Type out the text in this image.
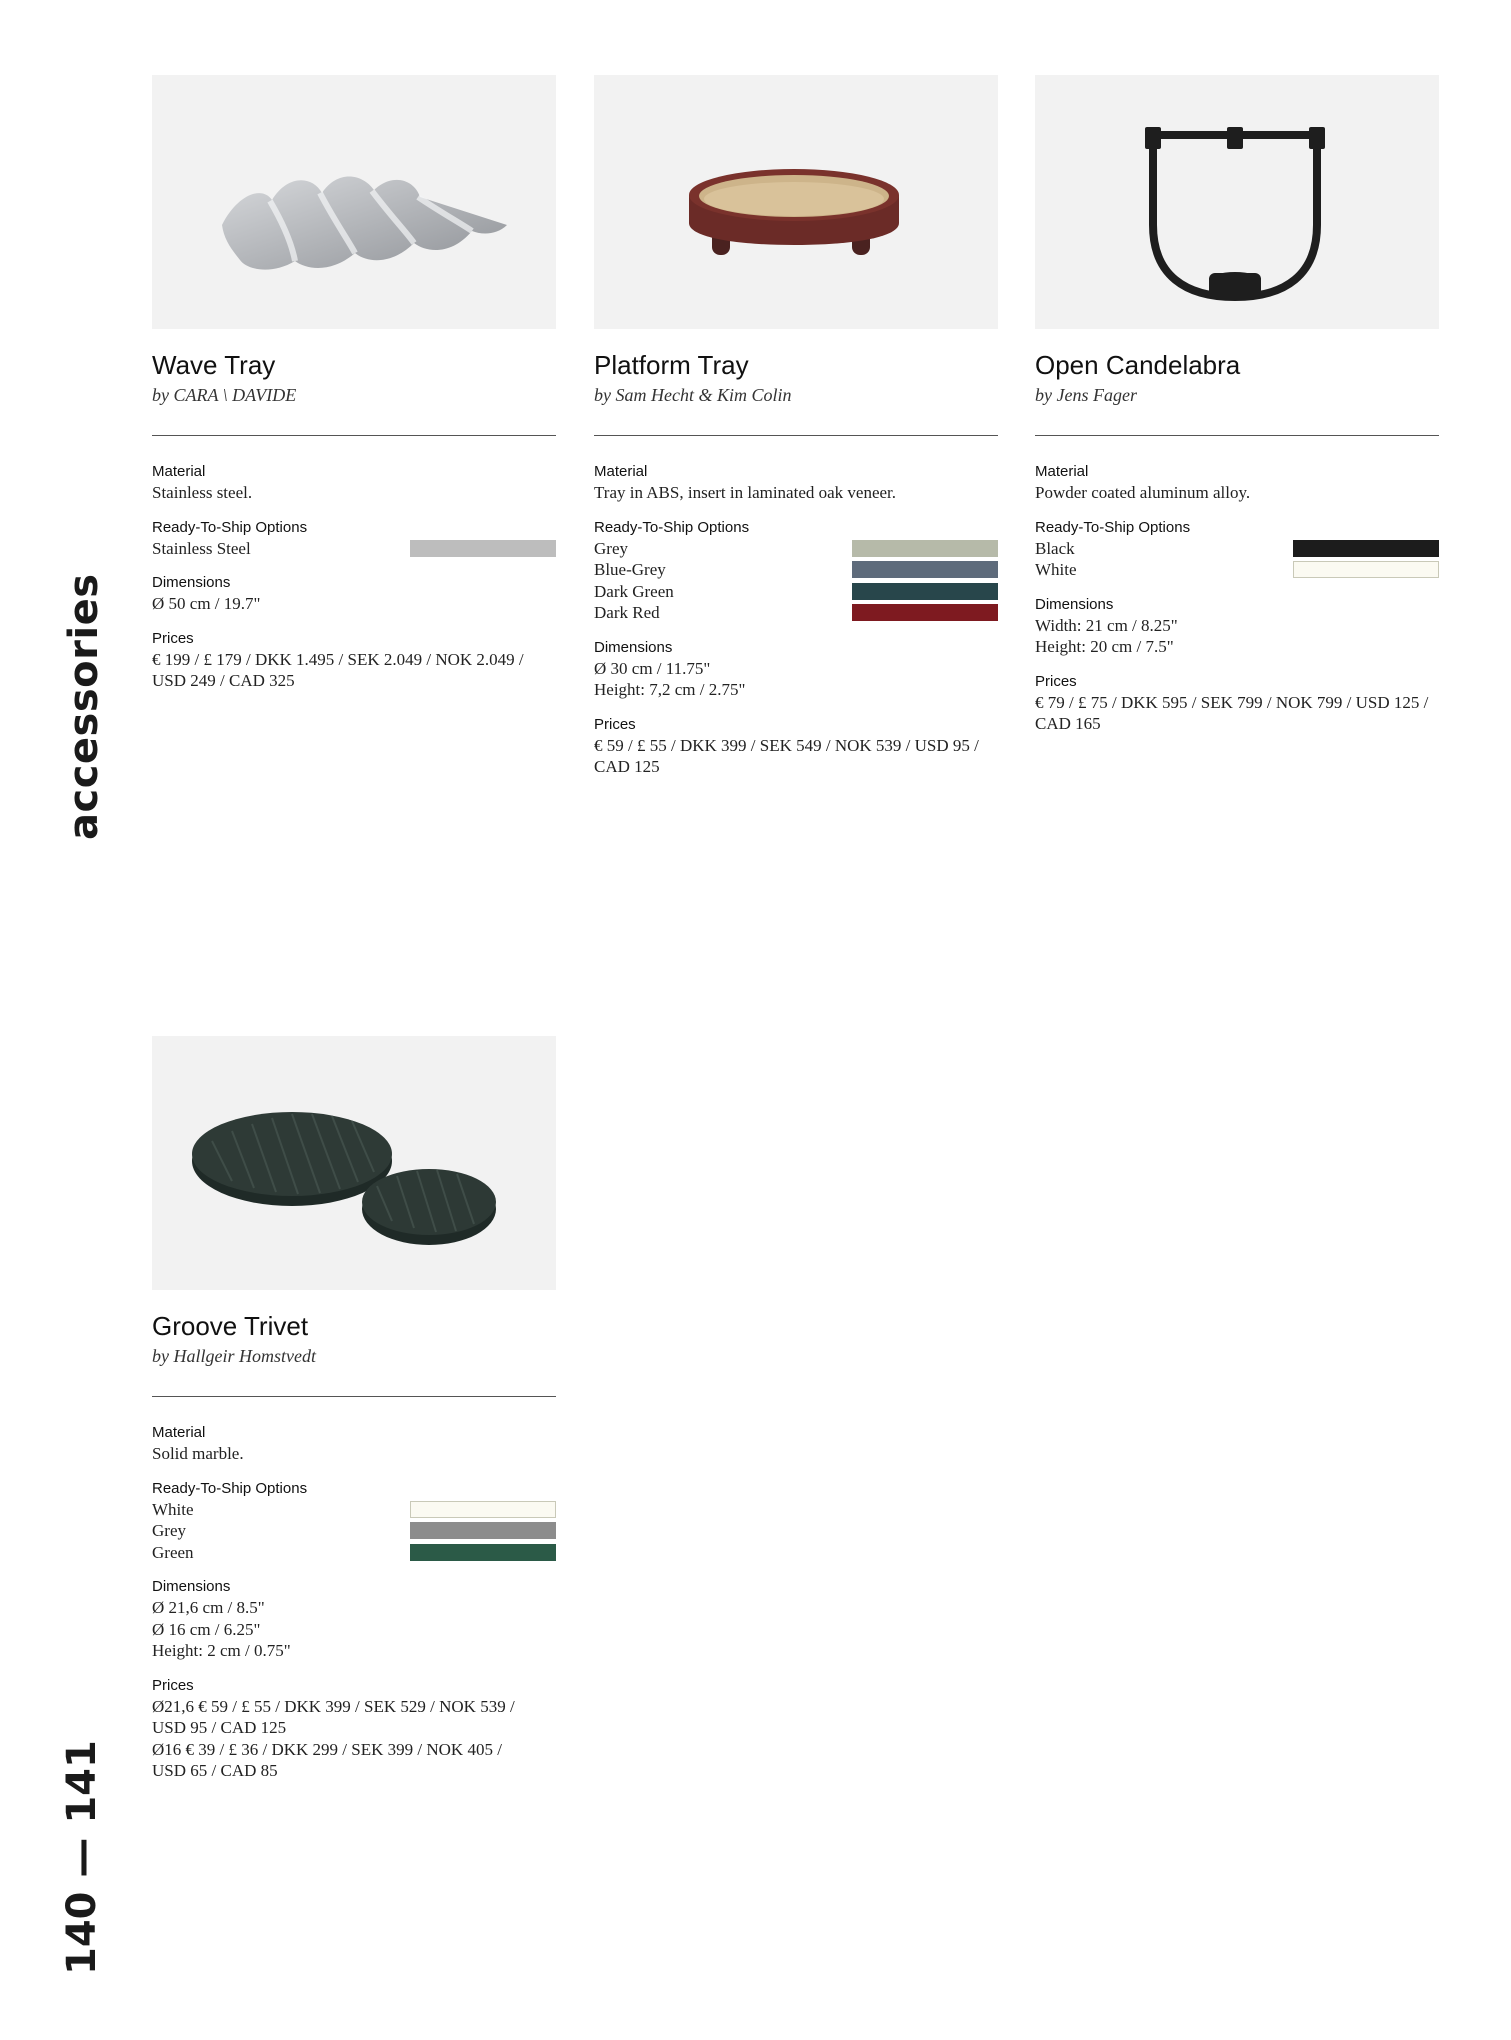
accessories
140 — 141
Wave Tray
by CARA \ DAVIDE
Material
Stainless steel.
Ready-To-Ship Options
Stainless Steel
Dimensions
Ø 50 cm / 19.7"
Prices
€ 199 / £ 179 / DKK 1.495 / SEK 2.049 / NOK 2.049 /
USD 249 / CAD 325
Platform Tray
by Sam Hecht & Kim Colin
Material
Tray in ABS, insert in laminated oak veneer.
Ready-To-Ship Options
Grey
Blue-Grey
Dark Green
Dark Red
Dimensions
Ø 30 cm / 11.75"
Height: 7,2 cm / 2.75"
Prices
€ 59 / £ 55 / DKK 399 / SEK 549 / NOK 539 / USD 95 /
CAD 125
Open Candelabra
by Jens Fager
Material
Powder coated aluminum alloy.
Ready-To-Ship Options
Black
White
Dimensions
Width: 21 cm / 8.25"
Height: 20 cm / 7.5"
Prices
€ 79 / £ 75 / DKK 595 / SEK 799 / NOK 799 / USD 125 /
CAD 165
Groove Trivet
by Hallgeir Homstvedt
Material
Solid marble.
Ready-To-Ship Options
White
Grey
Green
Dimensions
Ø 21,6 cm / 8.5"
Ø 16 cm / 6.25"
Height: 2 cm / 0.75"
Prices
Ø21,6 € 59 / £ 55 / DKK 399 / SEK 529 / NOK 539 /
USD 95 / CAD 125
Ø16 € 39 / £ 36 / DKK 299 / SEK 399 / NOK 405 /
USD 65 / CAD 85
